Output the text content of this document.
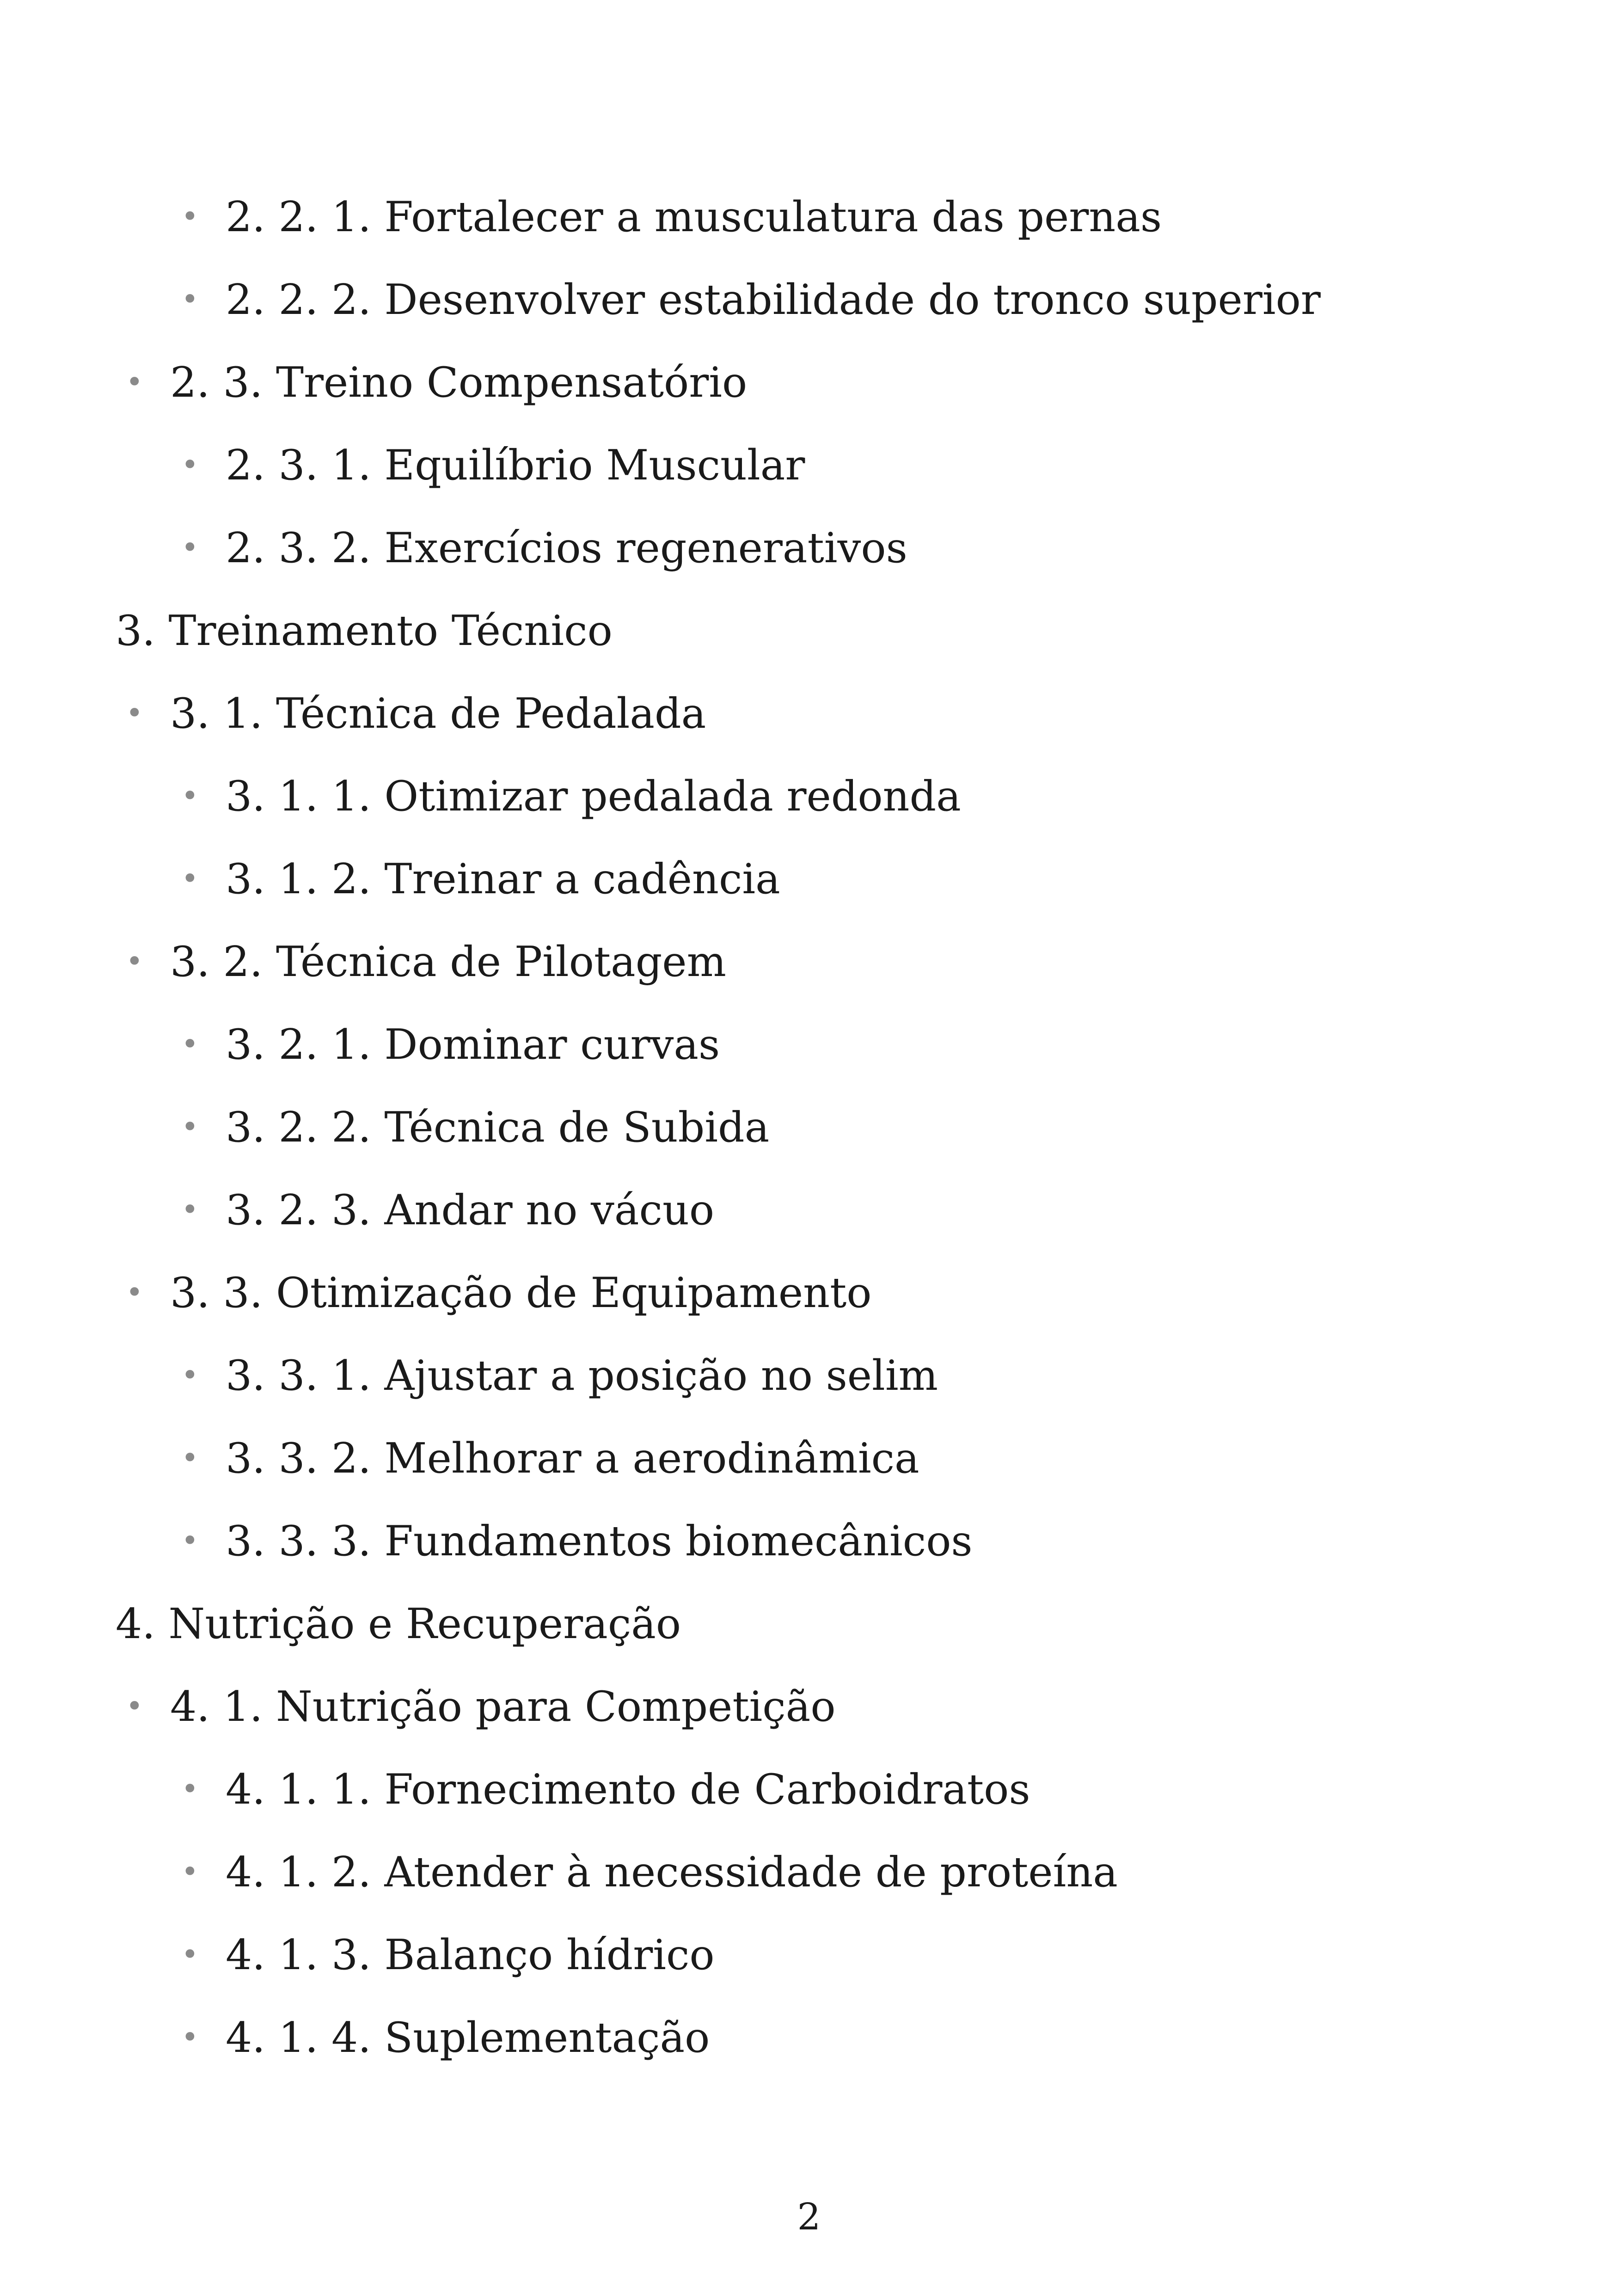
• 2. 2. 1. Fortalecer a musculatura das pernas
• 2. 2. 2. Desenvolver estabilidade do tronco superior
• 2. 3. Treino Compensatório
• 2. 3. 1. Equilíbrio Muscular
• 2. 3. 2. Exercícios regenerativos
3. Treinamento Técnico
• 3. 1. Técnica de Pedalada
• 3. 1. 1. Otimizar pedalada redonda
• 3. 1. 2. Treinar a cadência
• 3. 2. Técnica de Pilotagem
• 3. 2. 1. Dominar curvas
• 3. 2. 2. Técnica de Subida
• 3. 2. 3. Andar no vácuo
• 3. 3. Otimização de Equipamento
• 3. 3. 1. Ajustar a posição no selim
• 3. 3. 2. Melhorar a aerodinâmica
• 3. 3. 3. Fundamentos biomecânicos
4. Nutrição e Recuperação
• 4. 1. Nutrição para Competição
• 4. 1. 1. Fornecimento de Carboidratos
• 4. 1. 2. Atender à necessidade de proteína
• 4. 1. 3. Balanço hídrico
• 4. 1. 4. Suplementação
2
